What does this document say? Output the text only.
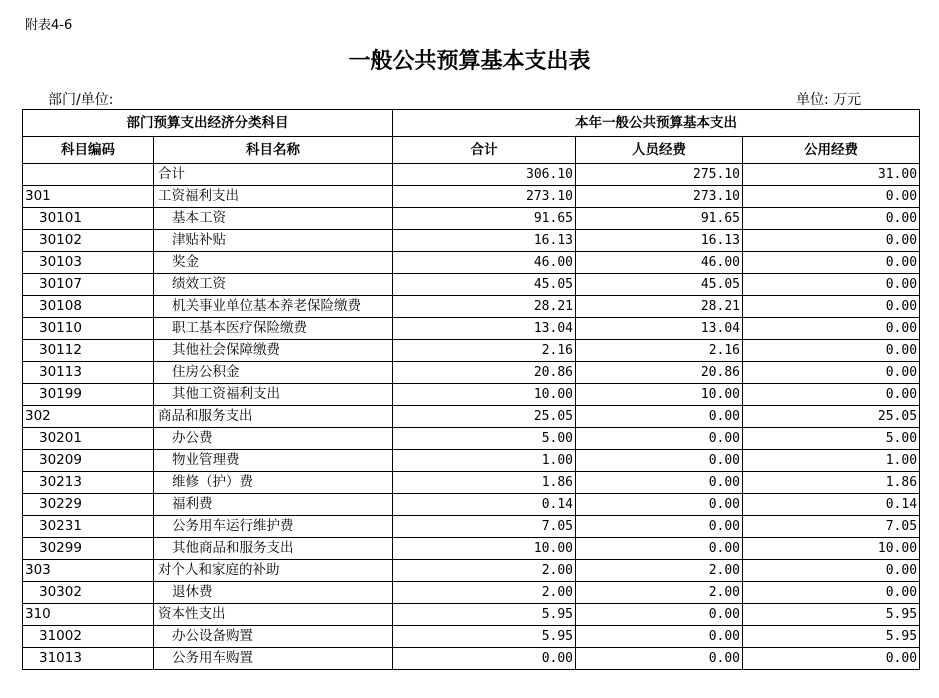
附表4-6
一般公共预算基本支出表
部门/单位:	单位: 万元
部门预算支出经济分类科目		本年一般公共预算基本支出		
科目编码	科目名称	合计	人员经费	公用经费
	合计	306.10	275.10	31.00
301	工资福利支出	273.10	273.10	0.00
30101	基本工资	91.65	91.65	0.00
30102	津贴补贴	16.13	16.13	0.00
30103	奖金	46.00	46.00	0.00
30107	绩效工资	45.05	45.05	0.00
30108	机关事业单位基本养老保险缴费	28.21	28.21	0.00
30110	职工基本医疗保险缴费	13.04	13.04	0.00
30112	其他社会保障缴费	2.16	2.16	0.00
30113	住房公积金	20.86	20.86	0.00
30199	其他工资福利支出	10.00	10.00	0.00
302	商品和服务支出	25.05	0.00	25.05
30201	办公费	5.00	0.00	5.00
30209	物业管理费	1.00	0.00	1.00
30213	维修（护）费	1.86	0.00	1.86
30229	福利费	0.14	0.00	0.14
30231	公务用车运行维护费	7.05	0.00	7.05
30299	其他商品和服务支出	10.00	0.00	10.00
303	对个人和家庭的补助	2.00	2.00	0.00
30302	退休费	2.00	2.00	0.00
310	资本性支出	5.95	0.00	5.95
31002	办公设备购置	5.95	0.00	5.95
31013	公务用车购置	0.00	0.00	0.00
